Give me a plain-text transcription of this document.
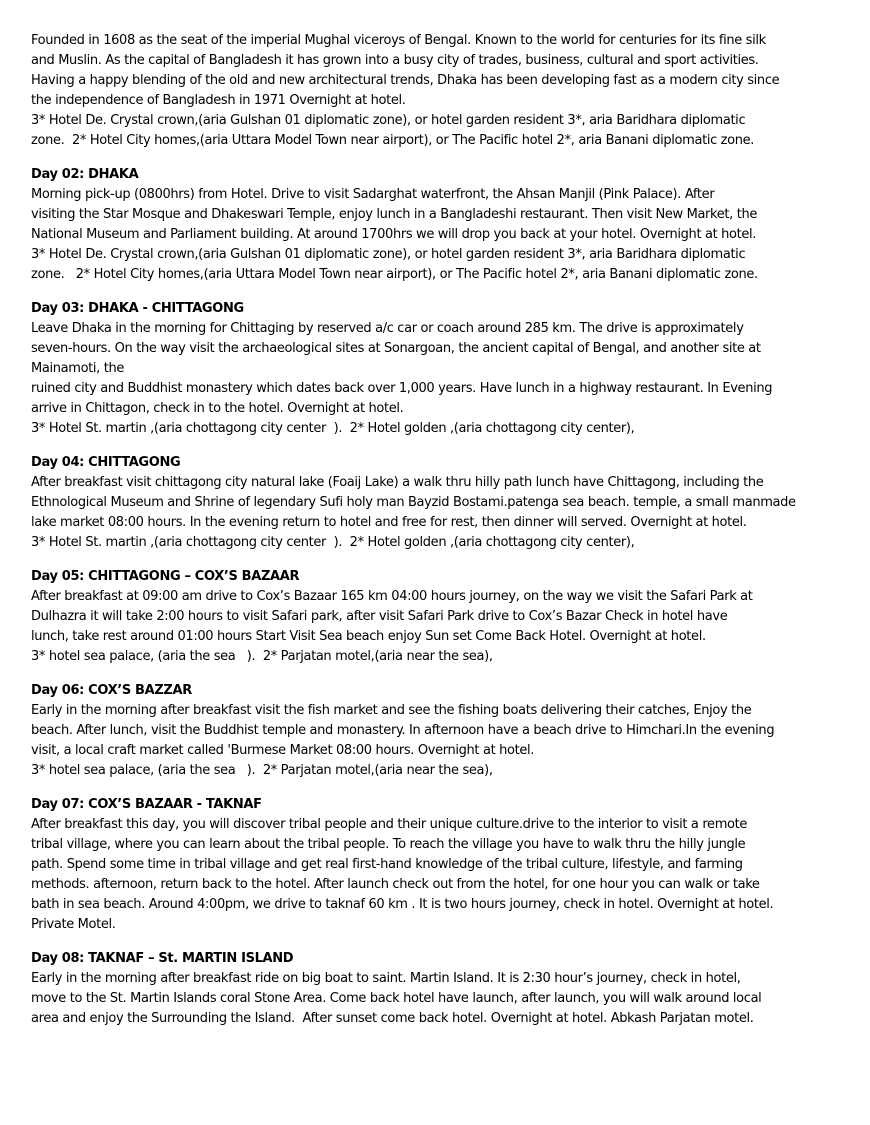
Founded in 1608 as the seat of the imperial Mughal viceroys of Bengal. Known to the world for centuries for its fine silk
and Muslin. As the capital of Bangladesh it has grown into a busy city of trades, business, cultural and sport activities.
Having a happy blending of the old and new architectural trends, Dhaka has been developing fast as a modern city since
the independence of Bangladesh in 1971 Overnight at hotel.
3* Hotel De. Crystal crown,(aria Gulshan 01 diplomatic zone), or hotel garden resident 3*, aria Baridhara diplomatic
zone.  2* Hotel City homes,(aria Uttara Model Town near airport), or The Pacific hotel 2*, aria Banani diplomatic zone.
Day 02: DHAKA
Morning pick-up (0800hrs) from Hotel. Drive to visit Sadarghat waterfront, the Ahsan Manjil (Pink Palace). After
visiting the Star Mosque and Dhakeswari Temple, enjoy lunch in a Bangladeshi restaurant. Then visit New Market, the
National Museum and Parliament building. At around 1700hrs we will drop you back at your hotel. Overnight at hotel.
3* Hotel De. Crystal crown,(aria Gulshan 01 diplomatic zone), or hotel garden resident 3*, aria Baridhara diplomatic
zone.   2* Hotel City homes,(aria Uttara Model Town near airport), or The Pacific hotel 2*, aria Banani diplomatic zone.
Day 03: DHAKA - CHITTAGONG
Leave Dhaka in the morning for Chittaging by reserved a/c car or coach around 285 km. The drive is approximately
seven-hours. On the way visit the archaeological sites at Sonargoan, the ancient capital of Bengal, and another site at
Mainamoti, the
ruined city and Buddhist monastery which dates back over 1,000 years. Have lunch in a highway restaurant. In Evening
arrive in Chittagon, check in to the hotel. Overnight at hotel.
3* Hotel St. martin ,(aria chottagong city center  ).  2* Hotel golden ,(aria chottagong city center),
Day 04: CHITTAGONG
After breakfast visit chittagong city natural lake (Foaij Lake) a walk thru hilly path lunch have Chittagong, including the
Ethnological Museum and Shrine of legendary Sufi holy man Bayzid Bostami.patenga sea beach. temple, a small manmade
lake market 08:00 hours. In the evening return to hotel and free for rest, then dinner will served. Overnight at hotel.
3* Hotel St. martin ,(aria chottagong city center  ).  2* Hotel golden ,(aria chottagong city center),
Day 05: CHITTAGONG – COX’S BAZAAR
After breakfast at 09:00 am drive to Cox’s Bazaar 165 km 04:00 hours journey, on the way we visit the Safari Park at
Dulhazra it will take 2:00 hours to visit Safari park, after visit Safari Park drive to Cox’s Bazar Check in hotel have
lunch, take rest around 01:00 hours Start Visit Sea beach enjoy Sun set Come Back Hotel. Overnight at hotel.
3* hotel sea palace, (aria the sea   ).  2* Parjatan motel,(aria near the sea),
Day 06: COX’S BAZZAR
Early in the morning after breakfast visit the fish market and see the fishing boats delivering their catches, Enjoy the
beach. After lunch, visit the Buddhist temple and monastery. In afternoon have a beach drive to Himchari.In the evening
visit, a local craft market called 'Burmese Market 08:00 hours. Overnight at hotel.
3* hotel sea palace, (aria the sea   ).  2* Parjatan motel,(aria near the sea),
Day 07: COX’S BAZAAR - TAKNAF
After breakfast this day, you will discover tribal people and their unique culture.drive to the interior to visit a remote
tribal village, where you can learn about the tribal people. To reach the village you have to walk thru the hilly jungle
path. Spend some time in tribal village and get real first-hand knowledge of the tribal culture, lifestyle, and farming
methods. afternoon, return back to the hotel. After launch check out from the hotel, for one hour you can walk or take
bath in sea beach. Around 4:00pm, we drive to taknaf 60 km . It is two hours journey, check in hotel. Overnight at hotel.
Private Motel.
Day 08: TAKNAF – St. MARTIN ISLAND
Early in the morning after breakfast ride on big boat to saint. Martin Island. It is 2:30 hour’s journey, check in hotel,
move to the St. Martin Islands coral Stone Area. Come back hotel have launch, after launch, you will walk around local
area and enjoy the Surrounding the Island.  After sunset come back hotel. Overnight at hotel. Abkash Parjatan motel.
